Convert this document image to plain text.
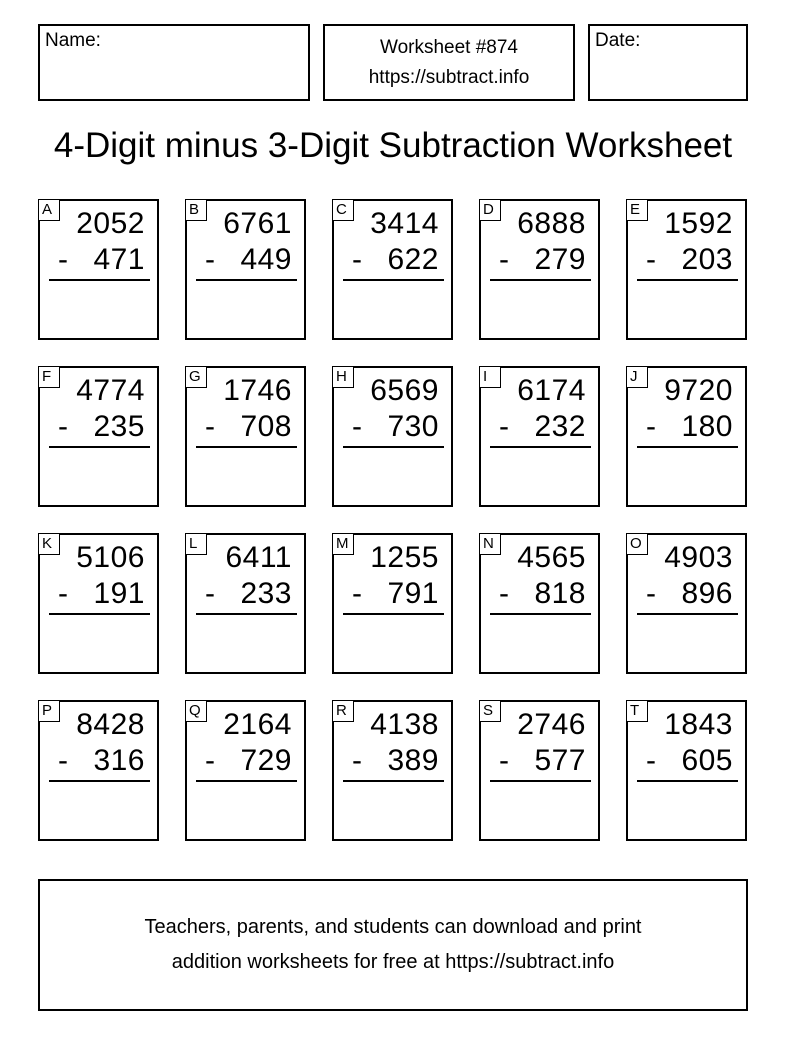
Name:	Worksheet #874
https://subtract.info
Date:
4-Digit minus 3-Digit Subtraction Worksheet
A 2052
- 471
B 6761
- 449
C 3414
- 622
D 6888
- 279
E 1592
- 203
F 4774
- 235
G 1746
- 708
H 6569
- 730
I	6174
- 232
J 9720
- 180
K 5106
- 191
L 6411
- 233
M 1255
- 791
N 4565
- 818
O 4903
- 896
P 8428
- 316
Q 2164
- 729
R 4138
- 389
S 2746
- 577
T 1843
- 605
Teachers, parents, and students can download and print
addition worksheets for free at https://subtract.info
